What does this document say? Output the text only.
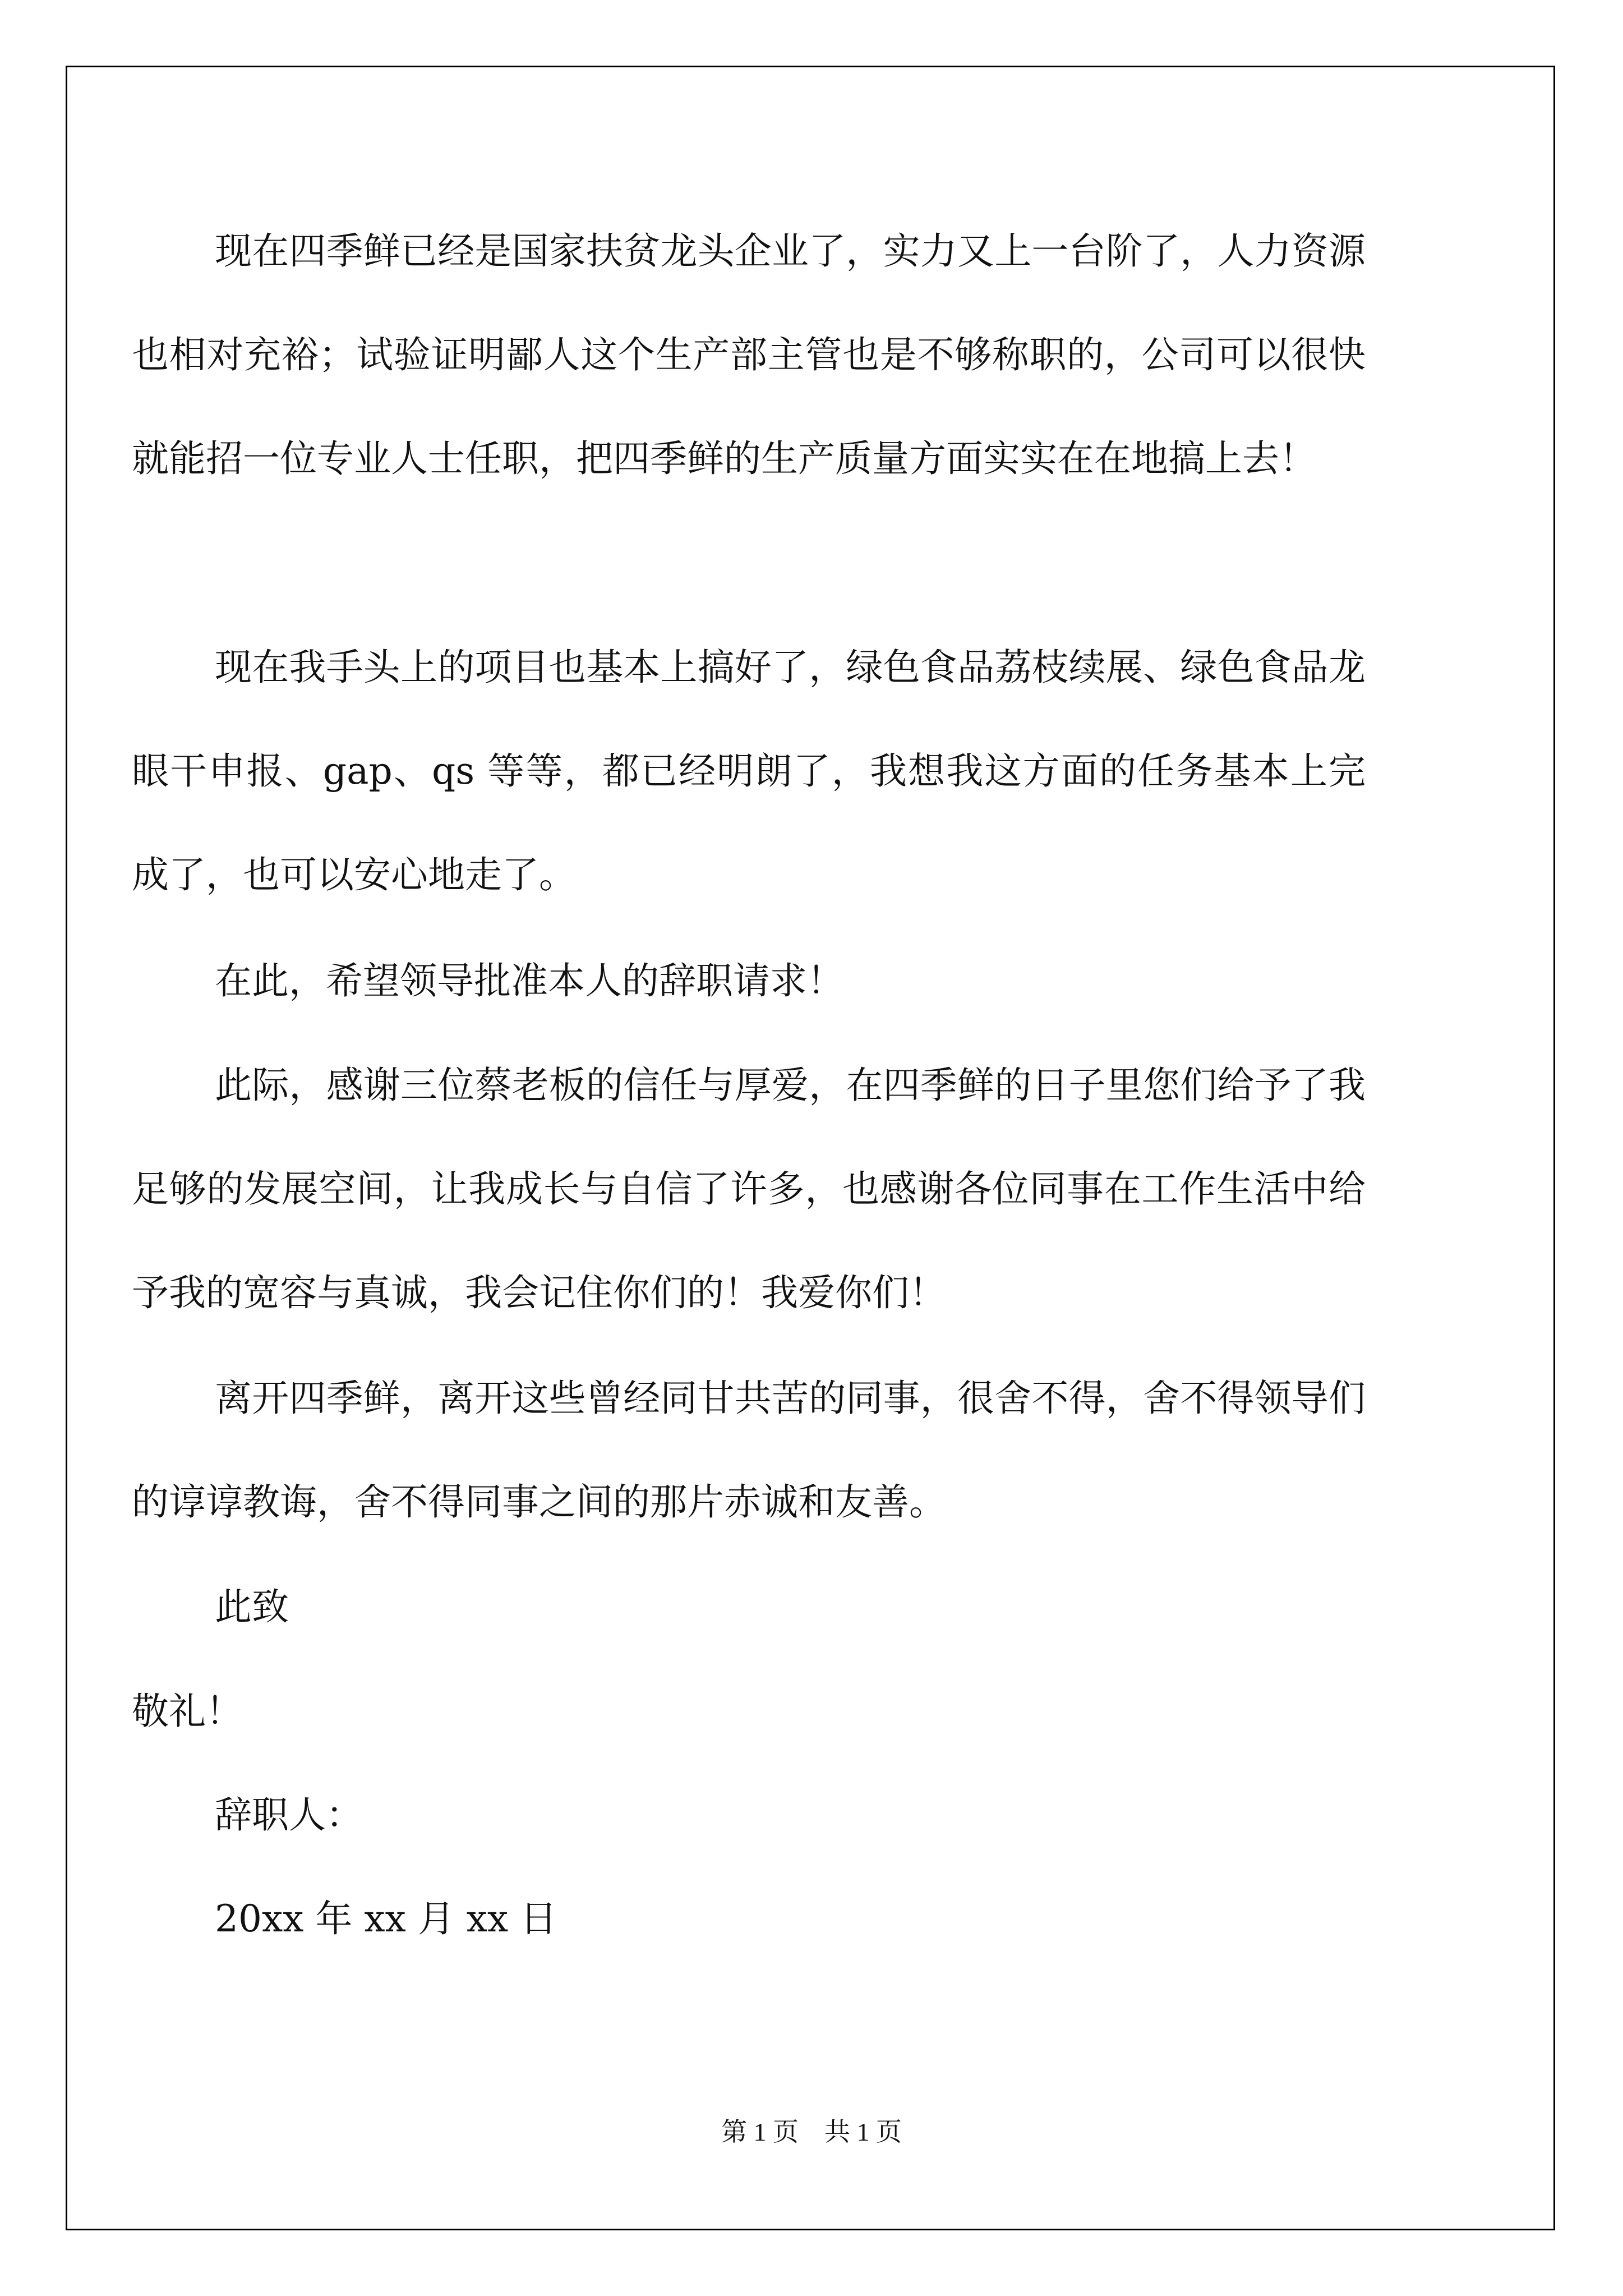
现在四季鲜已经是国家扶贫龙头企业了，实力又上一台阶了，人力资源也相对充裕；试验证明鄙人这个生产部主管也是不够称职的，公司可以很快就能招一位专业人士任职，把四季鲜的生产质量方面实实在在地搞上去！

现在我手头上的项目也基本上搞好了，绿色食品荔枝续展、绿色食品龙眼干申报、gap、qs 等等，都已经明朗了，我想我这方面的任务基本上完成了，也可以安心地走了。

在此，希望领导批准本人的辞职请求！

此际，感谢三位蔡老板的信任与厚爱，在四季鲜的日子里您们给予了我足够的发展空间，让我成长与自信了许多，也感谢各位同事在工作生活中给予我的宽容与真诚，我会记住你们的！我爱你们！

离开四季鲜，离开这些曾经同甘共苦的同事，很舍不得，舍不得领导们的谆谆教诲，舍不得同事之间的那片赤诚和友善。

此致

敬礼！

辞职人：

20xx 年 xx 月 xx 日

第 1 页    共 1 页
